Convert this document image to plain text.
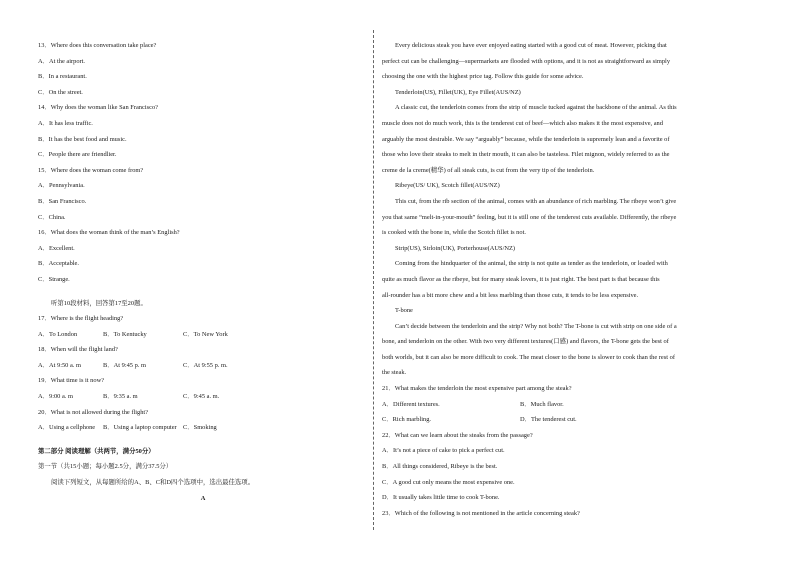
13．Where does this conversation take place?
A．At the airport.
B．In a restaurant.
C．On the street.
14．Why does the woman like San Francisco?
A．It has less traffic.
B．It has the best food and music.
C．People there are friendlier.
15．Where does the woman come from?
A．Pennsylvania.
B．San Francisco.
C．China.
16．What does the woman think of the man’s English?
A．Excellent.
B．Acceptable.
C．Strange.
听第10段材料，回答第17至20题。
17．Where is the flight heading?
A．To London	B．To Kentucky	C．To New York
18．When will the flight land?
A．At 9:50 a. m	B．At 9:45 p. m	C．At 9:55 p. m.
19．What time is it now?
A．9:00 a. m	B．9:35 a. m	C．9:45 a. m.
20．What is not allowed during the flight?
A．Using a cellphone	B．Using a laptop computer C．Smoking
第二部分 阅读理解（共两节，满分50分）
第一节（共15小题；每小题2.5分，满分37.5分）
阅读下列短文，从每题所给的A、B、C和D四个选项中，选出最佳选项。
A
Every delicious steak you have ever enjoyed eating started with a good cut of meat. However, picking that
perfect cut can be challenging—supermarkets are flooded with options, and it is not as straightforward as simply
choosing the one with the highest price tag. Follow this guide for some advice.
Tenderloin(US), Fillet(UK), Eye Fillet(AUS/NZ)
A classic cut, the tenderloin comes from the strip of muscle tucked against the backbone of the animal. As this
muscle does not do much work, this is the tenderest cut of beef—which also makes it the most expensive, and
arguably the most desirable. We say “arguably” because, while the tenderloin is supremely lean and a favorite of
those who love their steaks to melt in their mouth, it can also be tasteless. Filet mignon, widely referred to as the
creme de la creme(精华) of all steak cuts, is cut from the very tip of the tenderloin.
Ribeye(US/ UK), Scotch fillet(AUS/NZ)
This cut, from the rib section of the animal, comes with an abundance of rich marbling. The ribeye won’t give
you that same “melt-in-your-mouth” feeling, but it is still one of the tenderest cuts available. Differently, the ribeye
is cooked with the bone in, while the Scotch fillet is not.
Strip(US), Sirloin(UK), Porterhouse(AUS/NZ)
Coming from the hindquarter of the animal, the strip is not quite as tender as the tenderloin, or loaded with
quite as much flavor as the ribeye, but for many steak lovers, it is just right. The best part is that because this
all-rounder has a bit more chew and a bit less marbling than those cuts, it tends to be less expensive.
T-bone
Can’t decide between the tenderloin and the strip? Why not both? The T-bone is cut with strip on one side of a
bone, and tenderloin on the other. With two very different textures(口感) and flavors, the T-bone gets the best of
both worlds, but it can also be more difficult to cook. The meat closer to the bone is slower to cook than the rest of
the steak.
21．What makes the tenderloin the most expensive part among the steak?
A．Different textures.	B．Much flavor.
C．Rich marbling.	D．The tenderest cut.
22．What can we learn about the steaks from the passage?
A．It’s not a piece of cake to pick a perfect cut.
B．All things considered, Ribeye is the best.
C．A good cut only means the most expensive one.
D．It usually takes little time to cook T-bone.
23．Which of the following is not mentioned in the article concerning steak?
